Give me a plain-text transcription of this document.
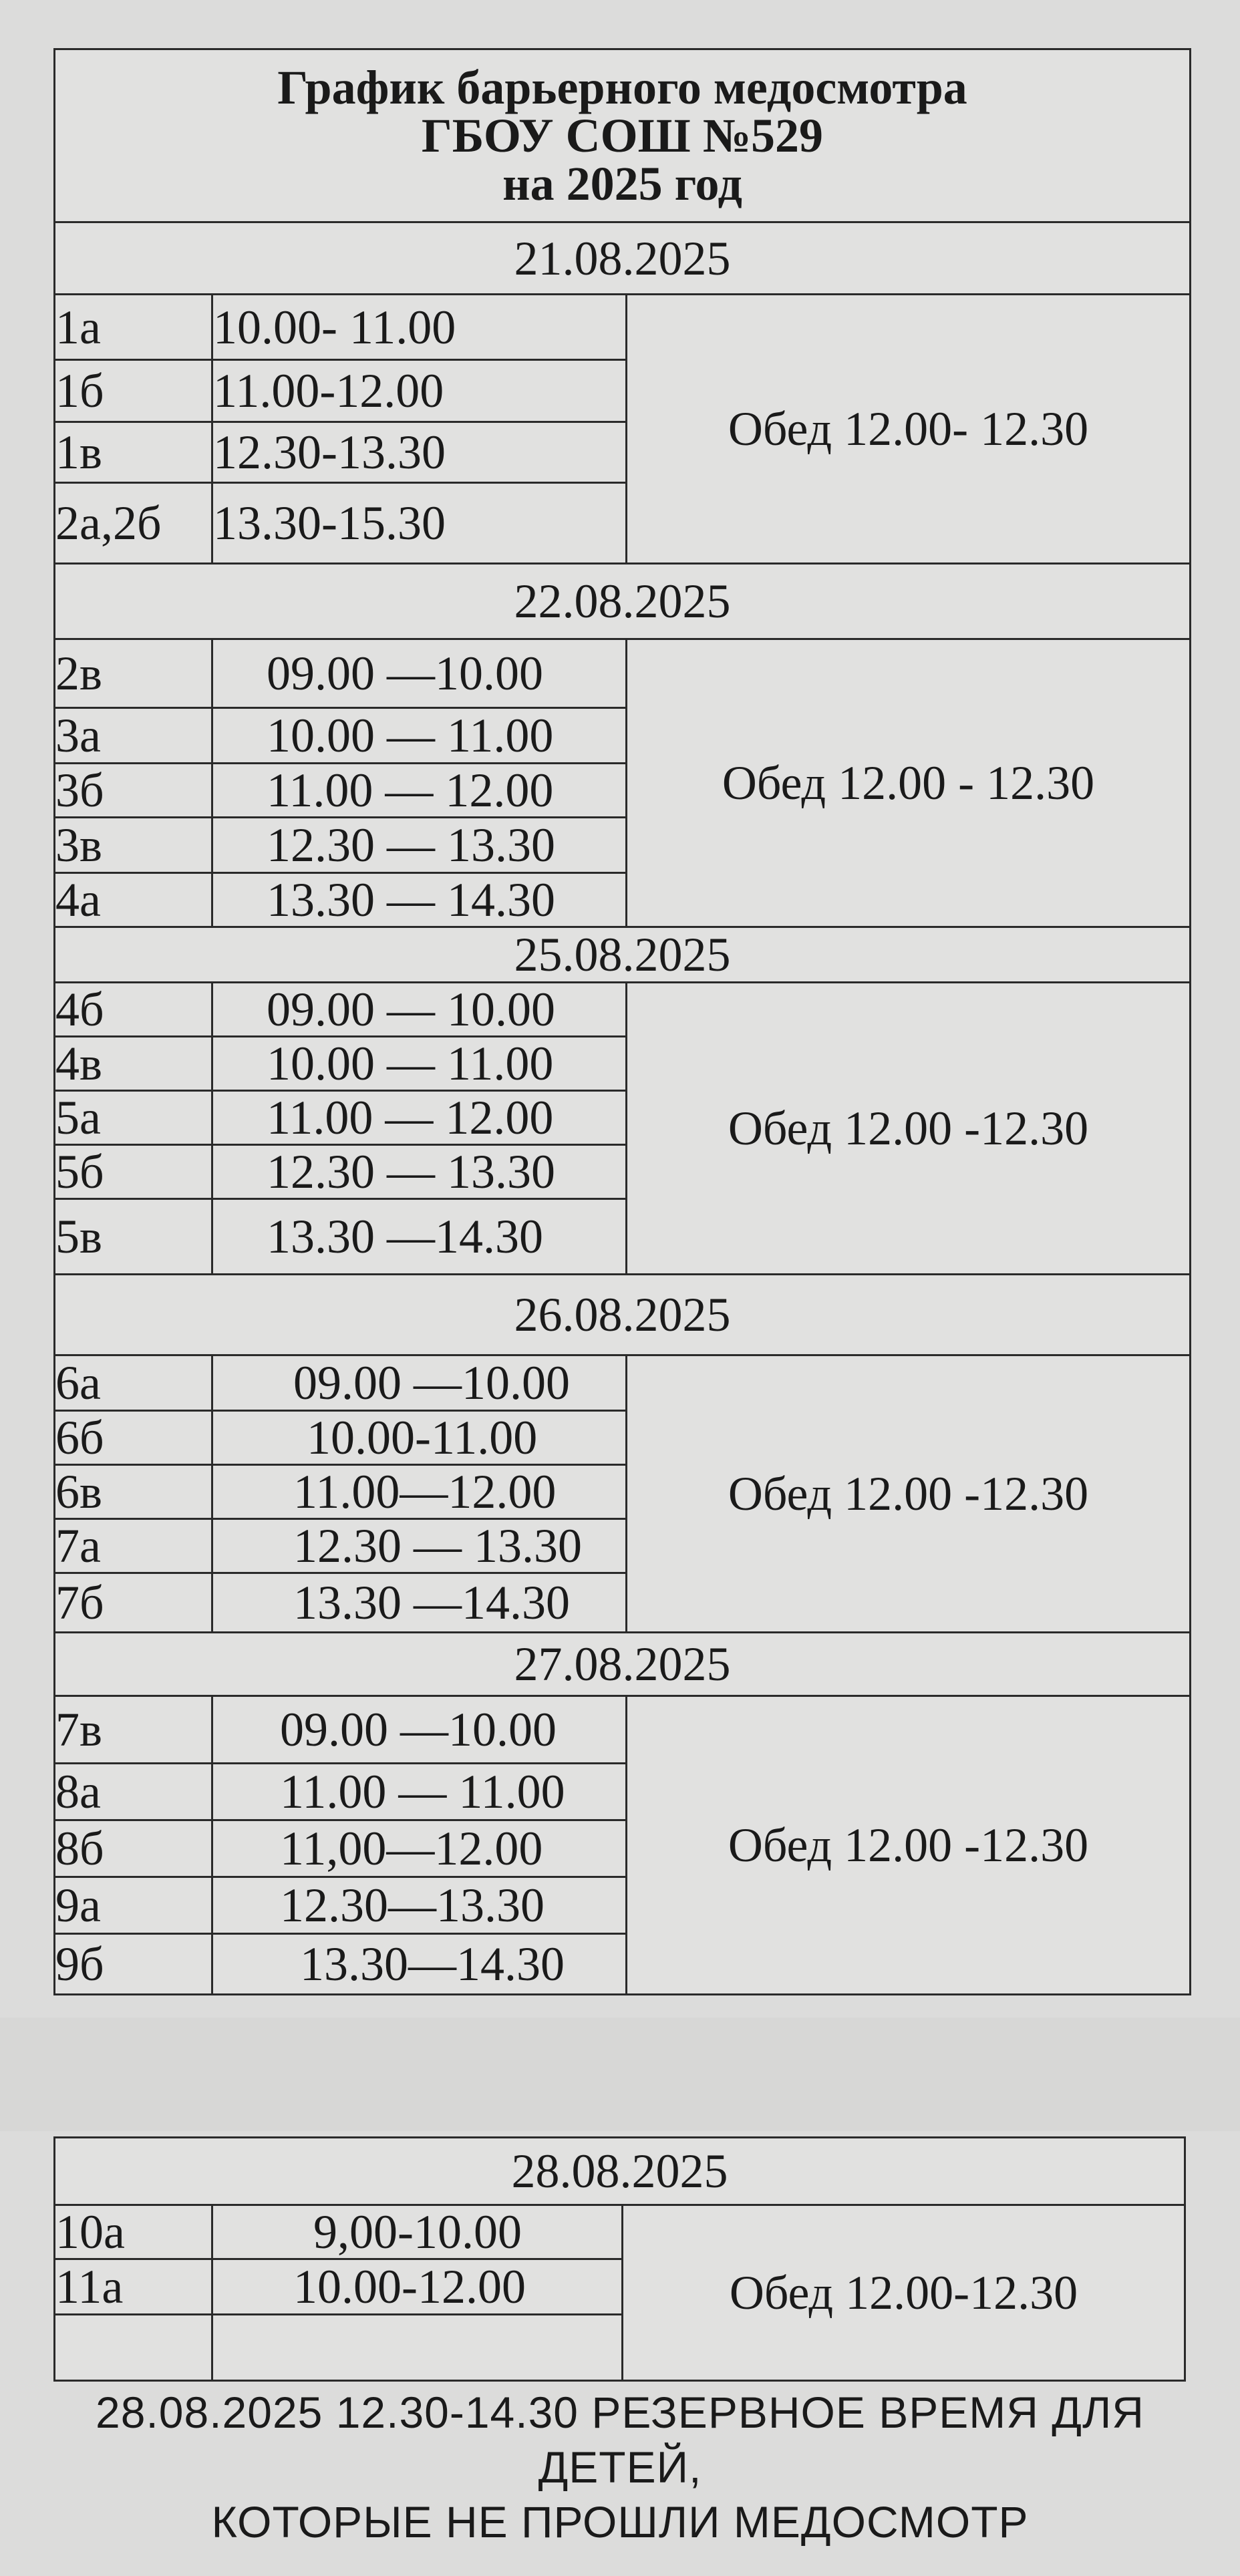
График барьерного медосмотра
ГБОУ СОШ №529
на 2025 год		

21.08.2025		
1а	10.00- 11.00	Обед 12.00- 12.30
1б	11.00-12.00	
1в	12.30-13.30	
2а,2б	13.30-15.30	
22.08.2025		
2в	09.00 —10.00	Обед 12.00 - 12.30
3а	10.00 — 11.00	
3б	11.00 — 12.00	
3в	12.30 — 13.30	
4а	13.30 — 14.30	
25.08.2025		
4б	09.00 — 10.00	Обед 12.00 -12.30
4в	10.00 — 11.00	
5а	11.00 — 12.00	
5б	12.30 — 13.30	
5в	13.30 —14.30	
26.08.2025		
6а	09.00 —10.00	Обед 12.00 -12.30
6б	10.00-11.00	
6в	11.00—12.00	
7а	12.30 — 13.30	
7б	13.30 —14.30	
27.08.2025		
7в	09.00 —10.00	Обед 12.00 -12.30
8а	11.00 — 11.00	
8б	11,00—12.00	
9а	12.30—13.30	
9б	13.30—14.30	
28.08.2025		
10а	9,00-10.00	Обед 12.00-12.30
11а	10.00-12.00	

28.08.2025 12.30-14.30 РЕЗЕРВНОЕ ВРЕМЯ ДЛЯ
ДЕТЕЙ,
КОТОРЫЕ НЕ ПРОШЛИ МЕДОСМОТР
